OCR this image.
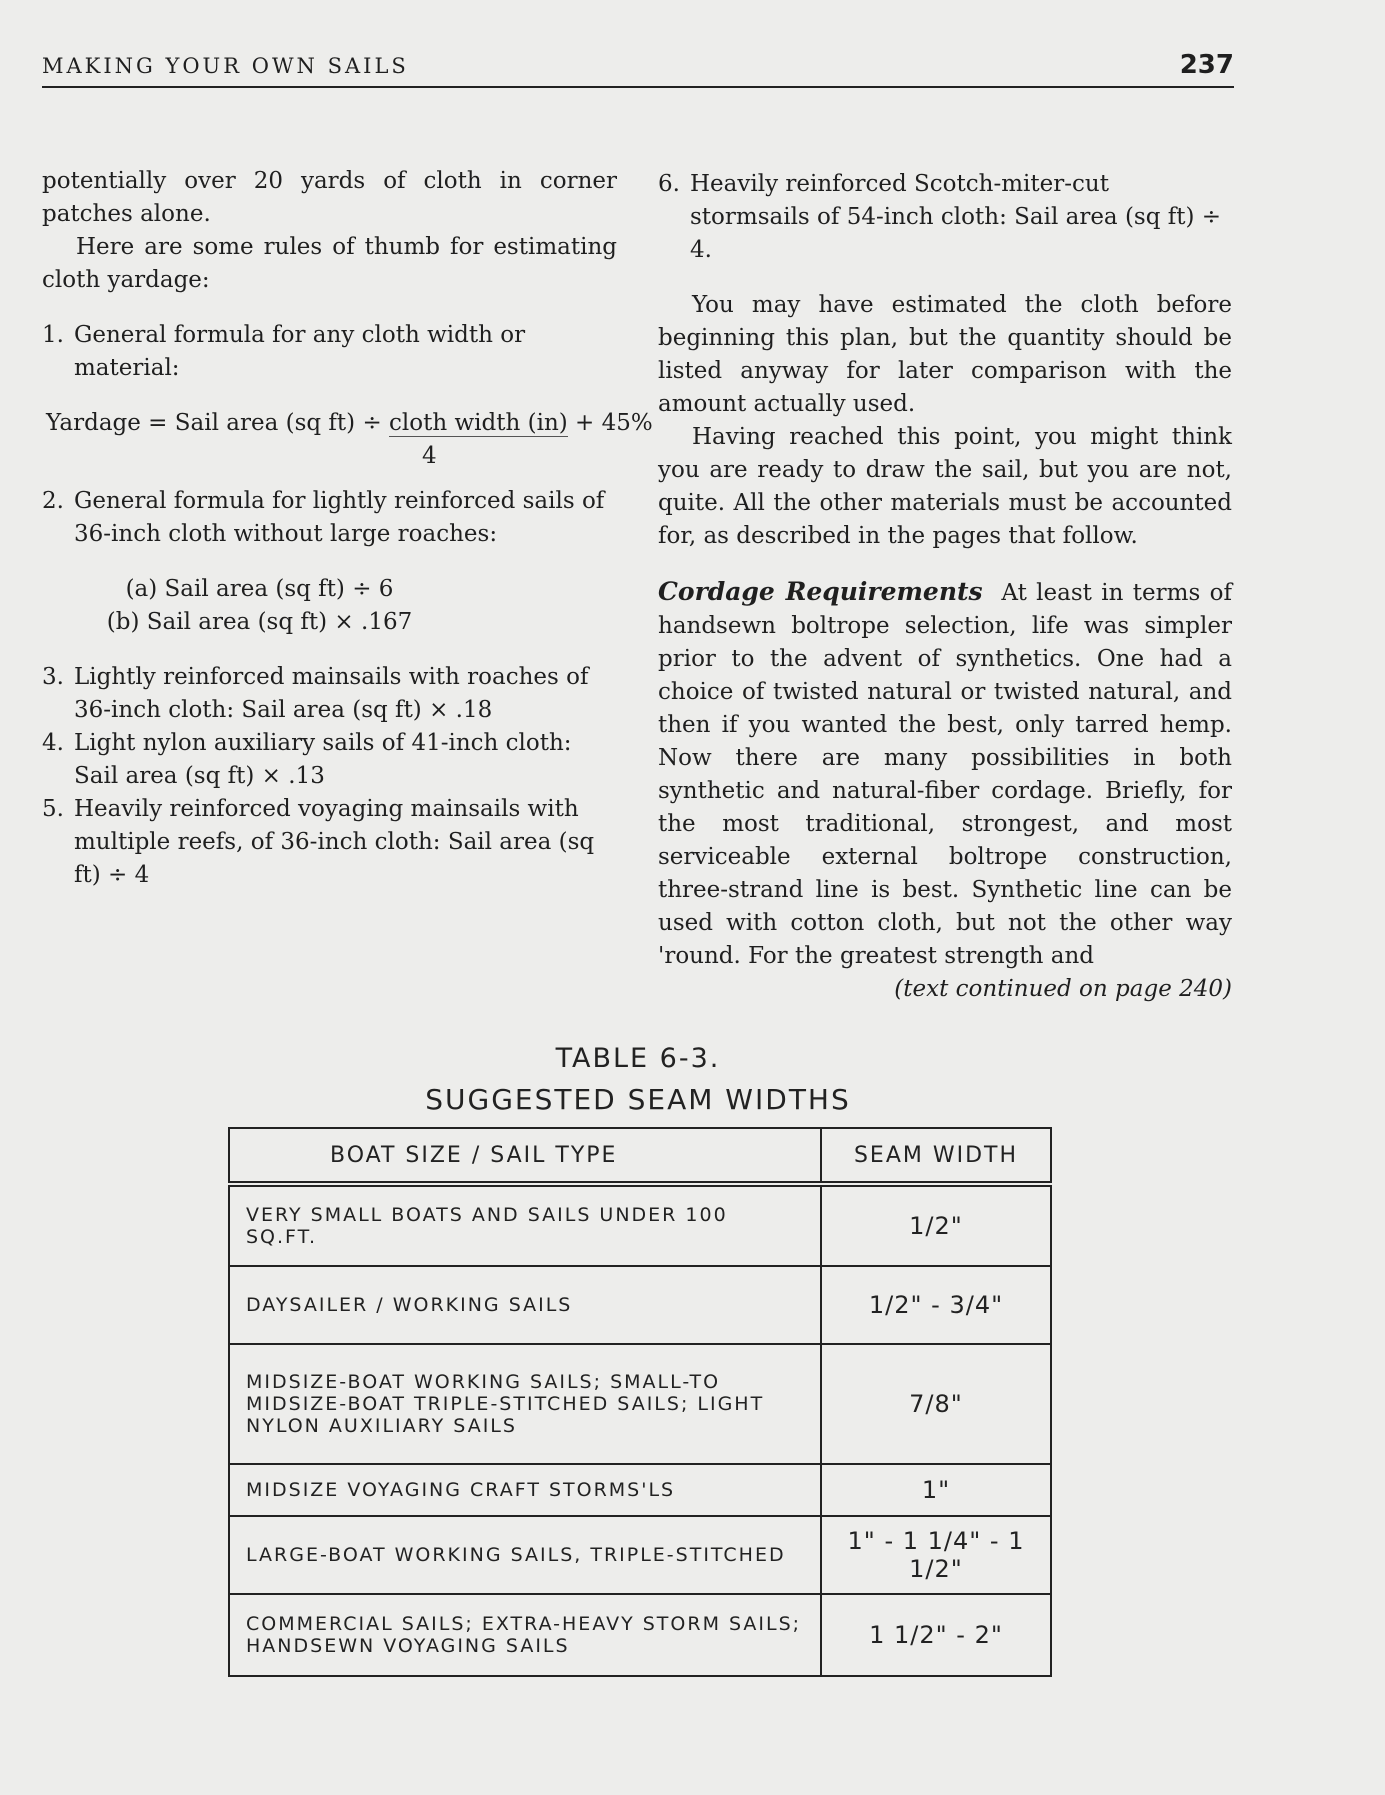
MAKING YOUR OWN SAILS	237

potentially over 20 yards of cloth in corner patches alone.

Here are some rules of thumb for estimating cloth yardage:

1. General formula for any cloth width or material:
Yardage = Sail area (sq ft) ÷ cloth width (in) + 45%
4
2. General formula for lightly reinforced sails of 36-inch cloth without large roaches:

(a) Sail area (sq ft) ÷ 6

(b) Sail area (sq ft) × .167

3. Lightly reinforced mainsails with roaches of 36-inch cloth: Sail area (sq ft) × .18
4. Light nylon auxiliary sails of 41-inch cloth: Sail area (sq ft) × .13
5. Heavily reinforced voyaging mainsails with multiple reefs, of 36-inch cloth: Sail area (sq ft) ÷ 4
6. Heavily reinforced Scotch-miter-cut stormsails of 54-inch cloth: Sail area (sq ft) ÷ 4.

You may have estimated the cloth before beginning this plan, but the quantity should be listed anyway for later comparison with the amount actually used.

Having reached this point, you might think you are ready to draw the sail, but you are not, quite. All the other materials must be accounted for, as described in the pages that follow.

Cordage Requirements At least in terms of handsewn boltrope selection, life was simpler prior to the advent of synthetics. One had a choice of twisted natural or twisted natural, and then if you wanted the best, only tarred hemp. Now there are many possibilities in both synthetic and natural-fiber cordage. Briefly, for the most traditional, strongest, and most serviceable external boltrope construction, three-strand line is best. Synthetic line can be used with cotton cloth, but not the other way 'round. For the greatest strength and

(text continued on page 240)

TABLE 6-3.
SUGGESTED SEAM WIDTHS
BOAT SIZE / SAIL TYPE	SEAM WIDTH
VERY SMALL BOATS AND SAILS UNDER 100 SQ.FT.	1/2"
DAYSAILER / WORKING SAILS	1/2" - 3/4"
MIDSIZE-BOAT WORKING SAILS; SMALL-TO MIDSIZE-BOAT TRIPLE-STITCHED SAILS; LIGHT NYLON AUXILIARY SAILS	7/8"
MIDSIZE VOYAGING CRAFT STORMS'LS	1"
LARGE-BOAT WORKING SAILS, TRIPLE-STITCHED	1" - 1 1/4" - 1 1/2"
COMMERCIAL SAILS; EXTRA-HEAVY STORM SAILS; HANDSEWN VOYAGING SAILS	1 1/2" - 2"
